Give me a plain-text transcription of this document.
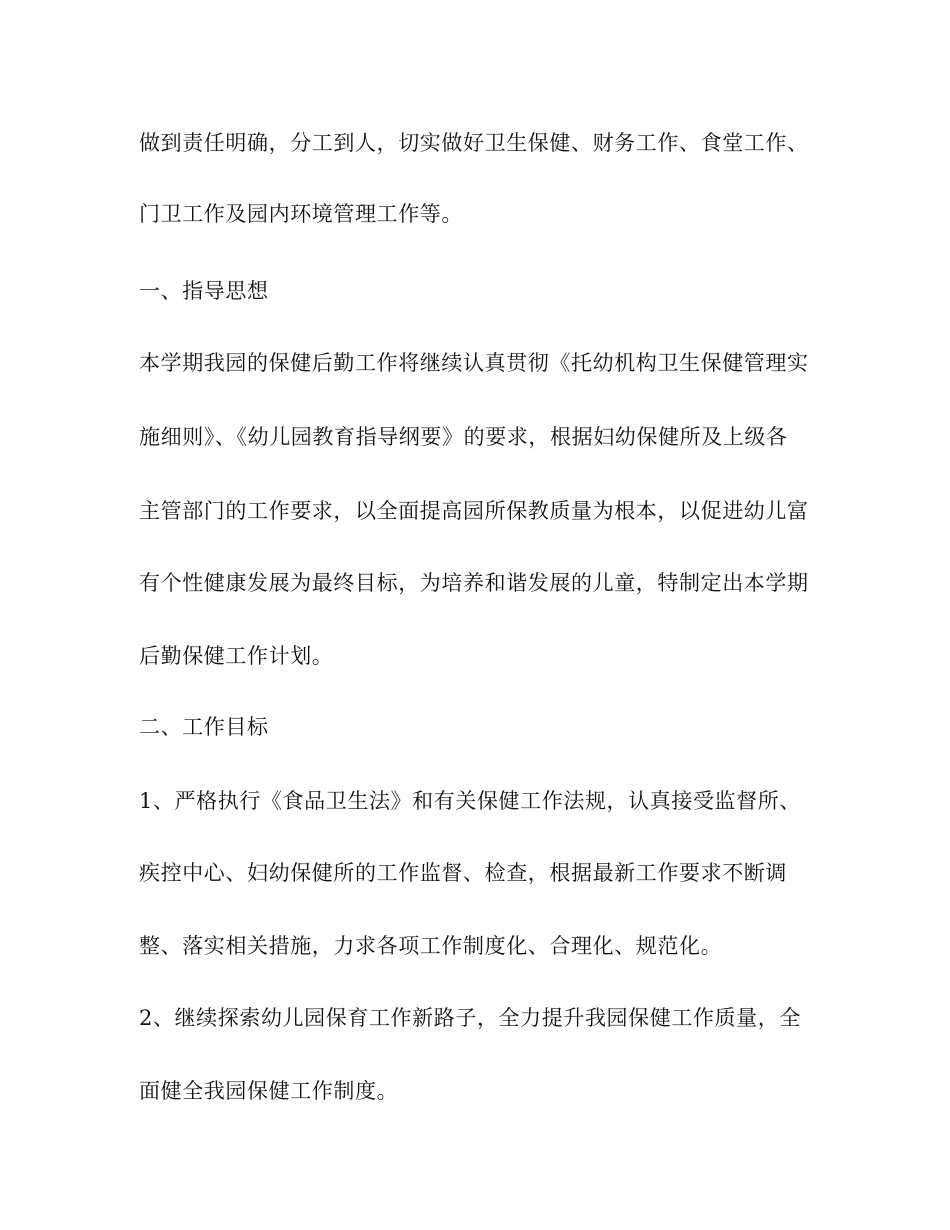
做到责任明确，分工到人，切实做好卫生保健、财务工作、食堂工作、

门卫工作及园内环境管理工作等。

一、指导思想

本学期我园的保健后勤工作将继续认真贯彻《托幼机构卫生保健管理实

施细则》、《幼儿园教育指导纲要》的要求，根据妇幼保健所及上级各

主管部门的工作要求，以全面提高园所保教质量为根本，以促进幼儿富

有个性健康发展为最终目标，为培养和谐发展的儿童，特制定出本学期

后勤保健工作计划。

二、工作目标

1、严格执行《食品卫生法》和有关保健工作法规，认真接受监督所、

疾控中心、妇幼保健所的工作监督、检查，根据最新工作要求不断调

整、落实相关措施，力求各项工作制度化、合理化、规范化。

2、继续探索幼儿园保育工作新路子，全力提升我园保健工作质量，全

面健全我园保健工作制度。
